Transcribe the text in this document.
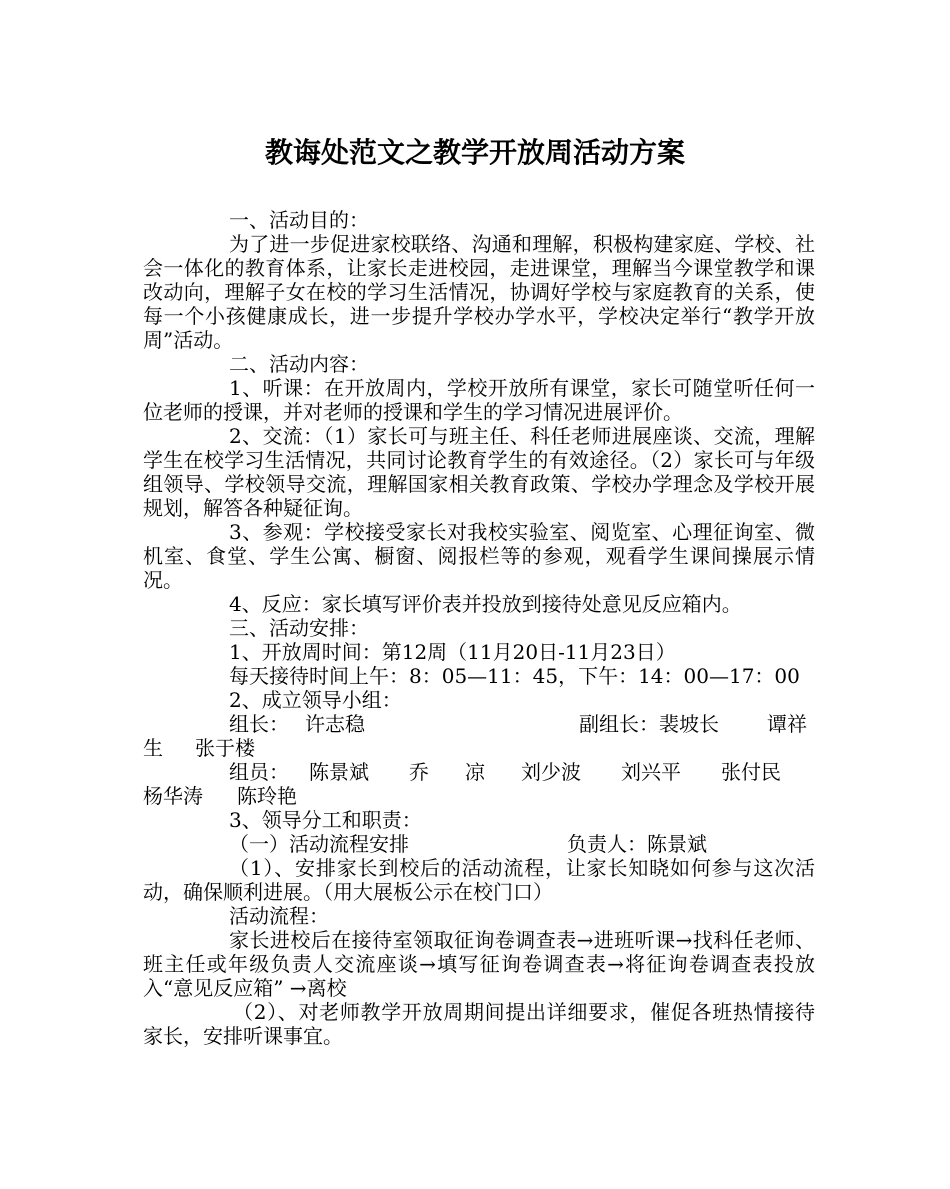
教诲处范文之教学开放周活动方案

一、活动目的：

为了进一步促进家校联络、沟通和理解，积极构建家庭、学校、社会一体化的教育体系，让家长走进校园，走进课堂，理解当今课堂教学和课改动向，理解子女在校的学习生活情况，协调好学校与家庭教育的关系，使每一个小孩健康成长，进一步提升学校办学水平，学校决定举行“教学开放周”活动。

二、活动内容：

1、听课：在开放周内，学校开放所有课堂，家长可随堂听任何一位老师的授课，并对老师的授课和学生的学习情况进展评价。

2、交流：（1）家长可与班主任、科任老师进展座谈、交流，理解学生在校学习生活情况，共同讨论教育学生的有效途径。（2）家长可与年级组领导、学校领导交流，理解国家相关教育政策、学校办学理念及学校开展规划，解答各种疑征询。

3、参观：学校接受家长对我校实验室、阅览室、心理征询室、微机室、食堂、学生公寓、橱窗、阅报栏等的参观，观看学生课间操展示情况。

4、反应：家长填写评价表并投放到接待处意见反应箱内。

三、活动安排：

1、开放周时间：第12周（11月20日-11月23日）

每天接待时间上午：8：05—11：45，下午：14：00—17：00

2、成立领导小组：

组长： 许志稳	副组长：裴坡长 谭祥
生 张于楼
组员： 陈景斌 乔 凉 刘少波 刘兴平 张付民
杨华涛 陈玲艳

3、领导分工和职责：

（一）活动流程安排	负责人：陈景斌

（1）、安排家长到校后的活动流程，让家长知晓如何参与这次活动，确保顺利进展。（用大展板公示在校门口）

活动流程：

家长进校后在接待室领取征询卷调查表→进班听课→找科任老师、班主任或年级负责人交流座谈→填写征询卷调查表→将征询卷调查表投放入“意见反应箱” →离校

（2）、对老师教学开放周期间提出详细要求，催促各班热情接待家长，安排听课事宜。
